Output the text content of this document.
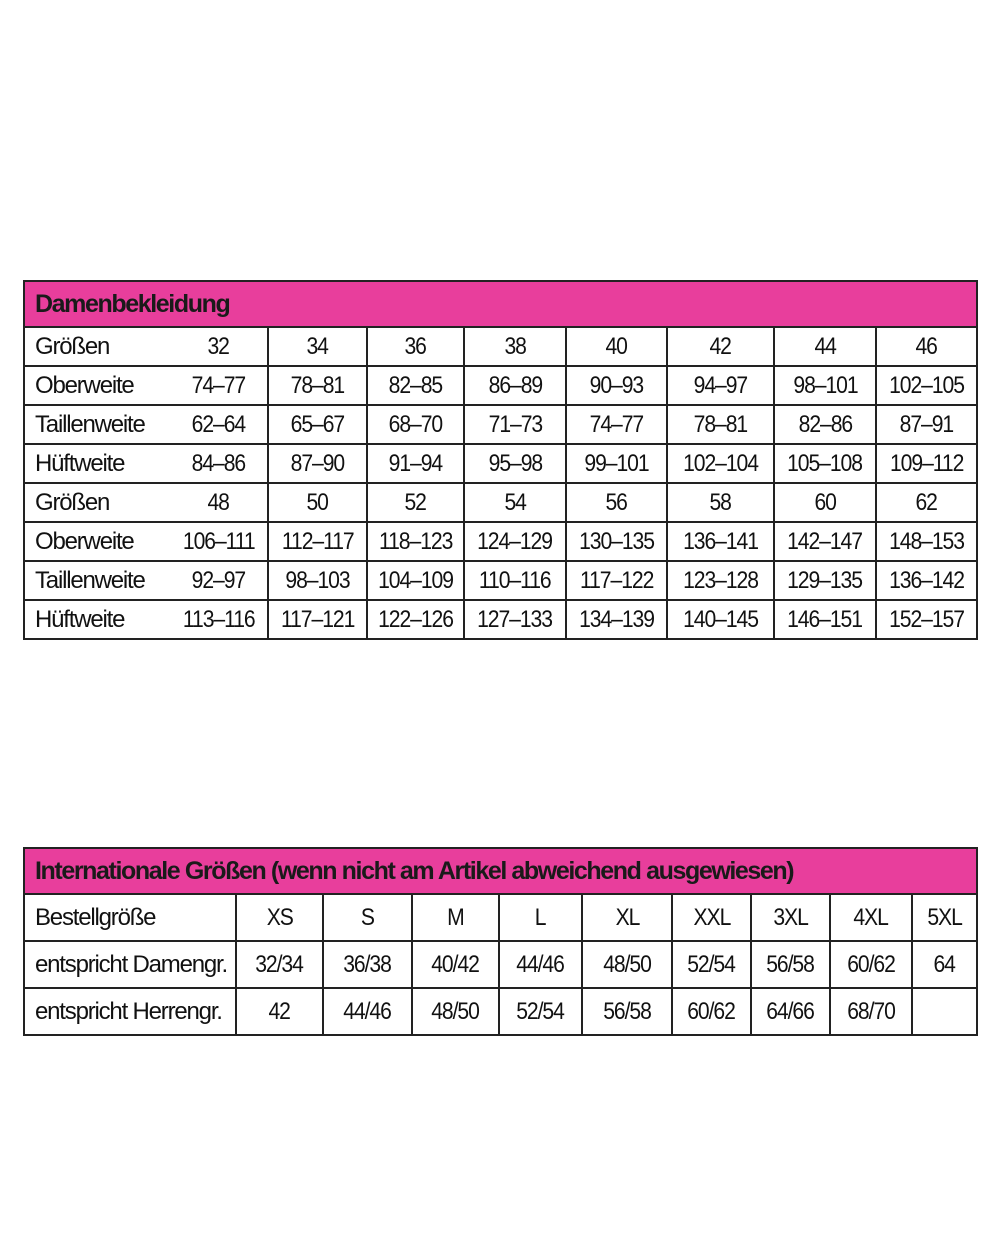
Damenbekleidung								
Größen	32	34	36	38	40	42	44	46
Oberweite	74–77	78–81	82–85	86–89	90–93	94–97	98–101	102–105
Taillenweite	62–64	65–67	68–70	71–73	74–77	78–81	82–86	87–91
Hüftweite	84–86	87–90	91–94	95–98	99–101	102–104	105–108	109–112
Größen	48	50	52	54	56	58	60	62
Oberweite	106–111	112–117	118–123	124–129	130–135	136–141	142–147	148–153
Taillenweite	92–97	98–103	104–109	110–116	117–122	123–128	129–135	136–142
Hüftweite	113–116	117–121	122–126	127–133	134–139	140–145	146–151	152–157
Internationale Größen (wenn nicht am Artikel abweichend ausgewiesen)									
Bestellgröße	XS	S	M	L	XL	XXL	3XL	4XL	5XL
entspricht Damengr.	32/34	36/38	40/42	44/46	48/50	52/54	56/58	60/62	64
entspricht Herrengr.	42	44/46	48/50	52/54	56/58	60/62	64/66	68/70	
